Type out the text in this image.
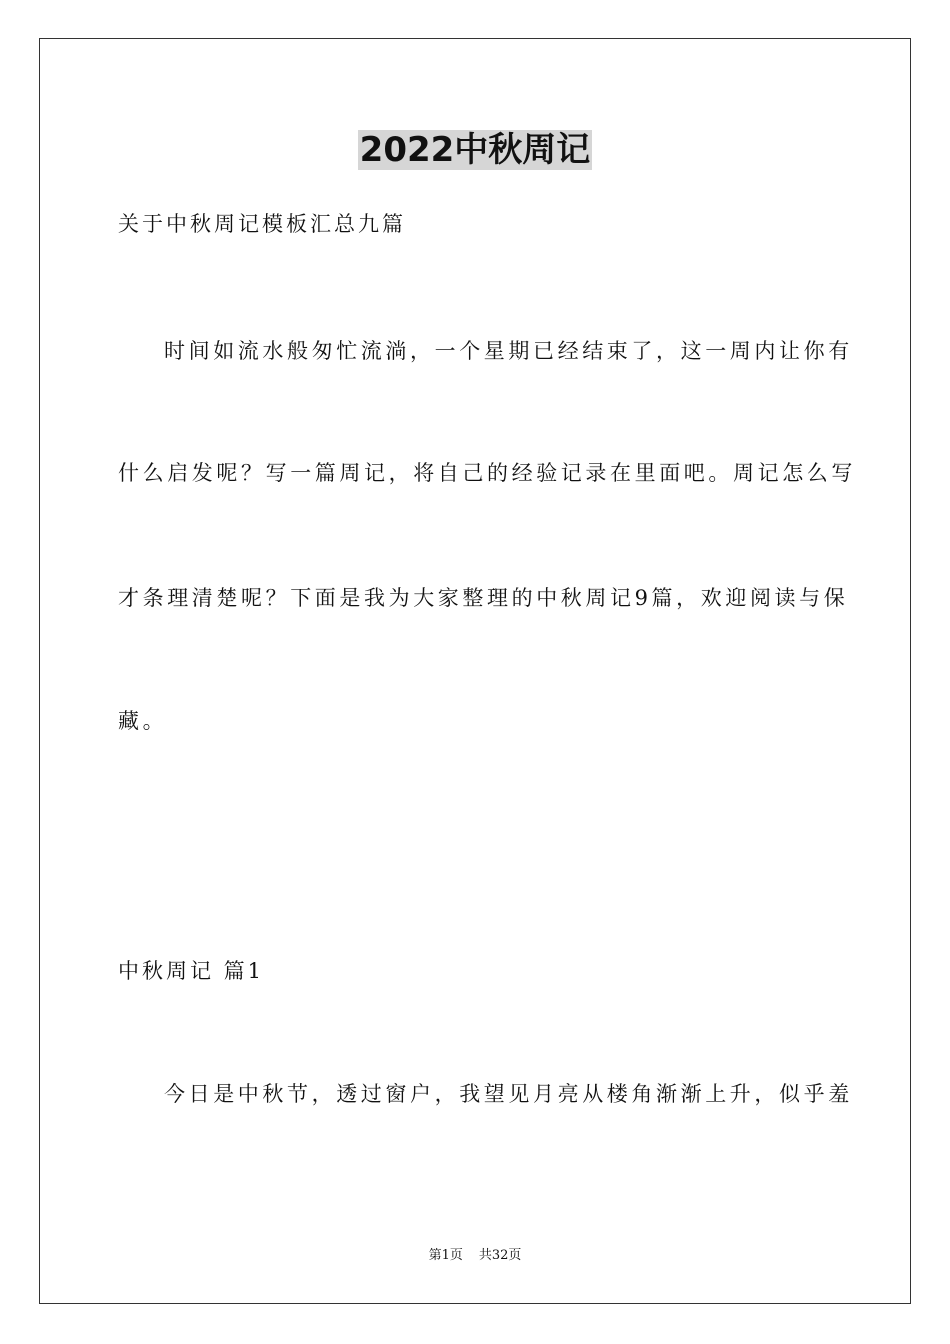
2022中秋周记
关于中秋周记模板汇总九篇
时间如流水般匆忙流淌，一个星期已经结束了，这一周内让你有
什么启发呢？写一篇周记，将自己的经验记录在里面吧。周记怎么写
才条理清楚呢？下面是我为大家整理的中秋周记9篇，欢迎阅读与保
藏。
中秋周记 篇1
今日是中秋节，透过窗户，我望见月亮从楼角渐渐上升，似乎羞
第1页 共32页
